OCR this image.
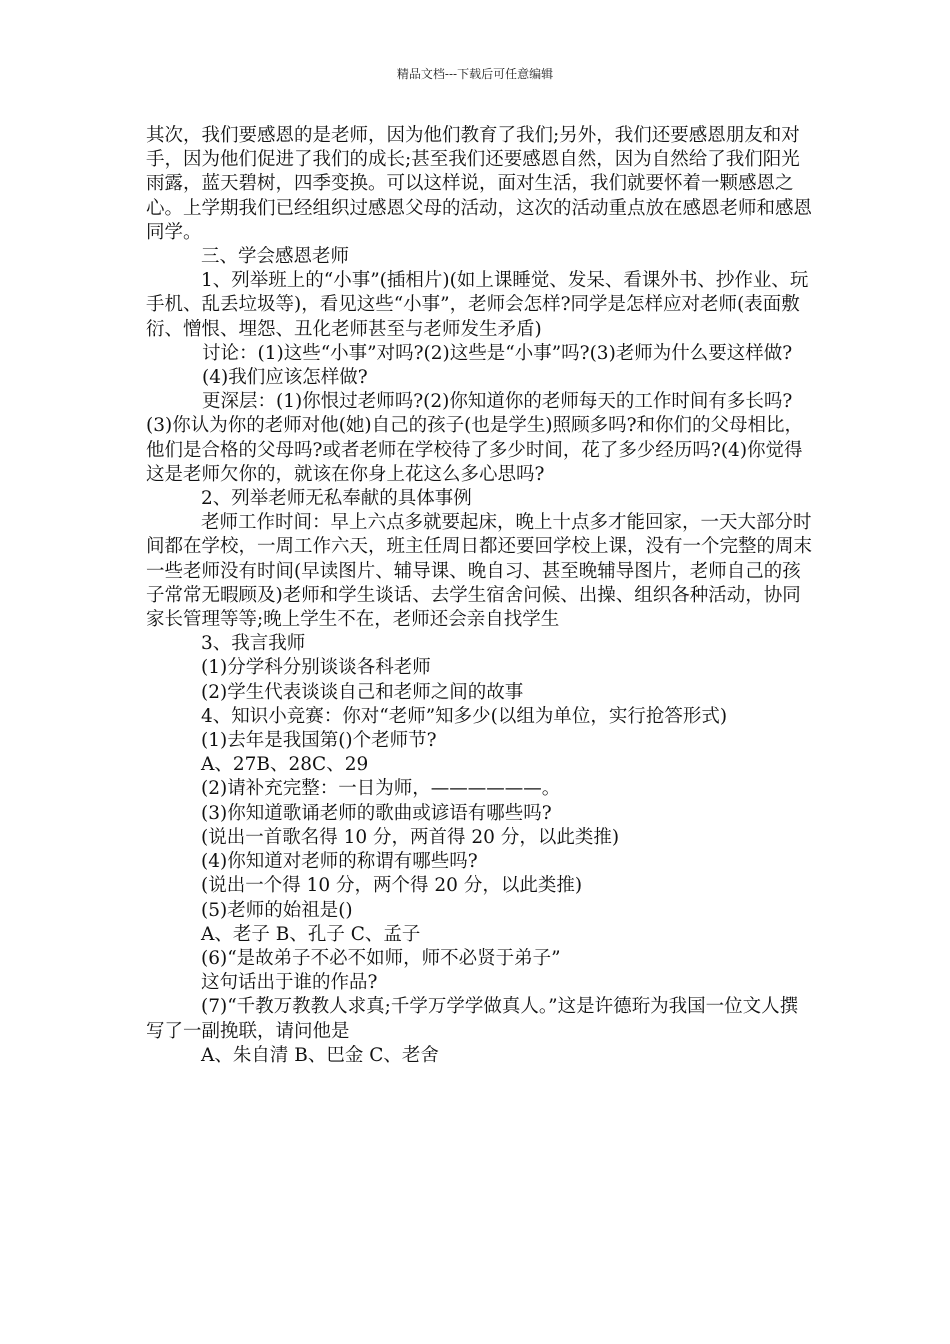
精品文档---下载后可任意编辑

其次，我们要感恩的是老师，因为他们教育了我们;另外，我们还要感恩朋友和对手，因为他们促进了我们的成长;甚至我们还要感恩自然，因为自然给了我们阳光雨露，蓝天碧树，四季变换。可以这样说，面对生活，我们就要怀着一颗感恩之心。上学期我们已经组织过感恩父母的活动，这次的活动重点放在感恩老师和感恩同学。

三、学会感恩老师

1、列举班上的“小事”(插相片)(如上课睡觉、发呆、看课外书、抄作业、玩手机、乱丢垃圾等)，看见这些“小事”，老师会怎样?同学是怎样应对老师(表面敷衍、憎恨、埋怨、丑化老师甚至与老师发生矛盾)

讨论：(1)这些“小事”对吗?(2)这些是“小事”吗?(3)老师为什么要这样做?

(4)我们应该怎样做?

更深层：(1)你恨过老师吗?(2)你知道你的老师每天的工作时间有多长吗?(3)你认为你的老师对他(她)自己的孩子(也是学生)照顾多吗?和你们的父母相比，他们是合格的父母吗?或者老师在学校待了多少时间，花了多少经历吗?(4)你觉得这是老师欠你的，就该在你身上花这么多心思吗?

2、列举老师无私奉献的具体事例

老师工作时间：早上六点多就要起床，晚上十点多才能回家，一天大部分时间都在学校，一周工作六天，班主任周日都还要回学校上课，没有一个完整的周末一些老师没有时间(早读图片、辅导课、晚自习、甚至晚辅导图片，老师自己的孩子常常无暇顾及)老师和学生谈话、去学生宿舍问候、出操、组织各种活动，协同家长管理等等;晚上学生不在，老师还会亲自找学生

3、我言我师

(1)分学科分别谈谈各科老师

(2)学生代表谈谈自己和老师之间的故事

4、知识小竞赛：你对“老师”知多少(以组为单位，实行抢答形式)

(1)去年是我国第()个老师节?

A、27B、28C、29

(2)请补充完整：一日为师，——————。

(3)你知道歌诵老师的歌曲或谚语有哪些吗?

(说出一首歌名得 10 分，两首得 20 分，以此类推)

(4)你知道对老师的称谓有哪些吗?

(说出一个得 10 分，两个得 20 分，以此类推)

(5)老师的始祖是()

A、老子 B、孔子 C、孟子

(6)“是故弟子不必不如师，师不必贤于弟子”

这句话出于谁的作品?

(7)“千教万教教人求真;千学万学学做真人。”这是许德珩为我国一位文人撰写了一副挽联，请问他是

A、朱自清 B、巴金 C、老舍
